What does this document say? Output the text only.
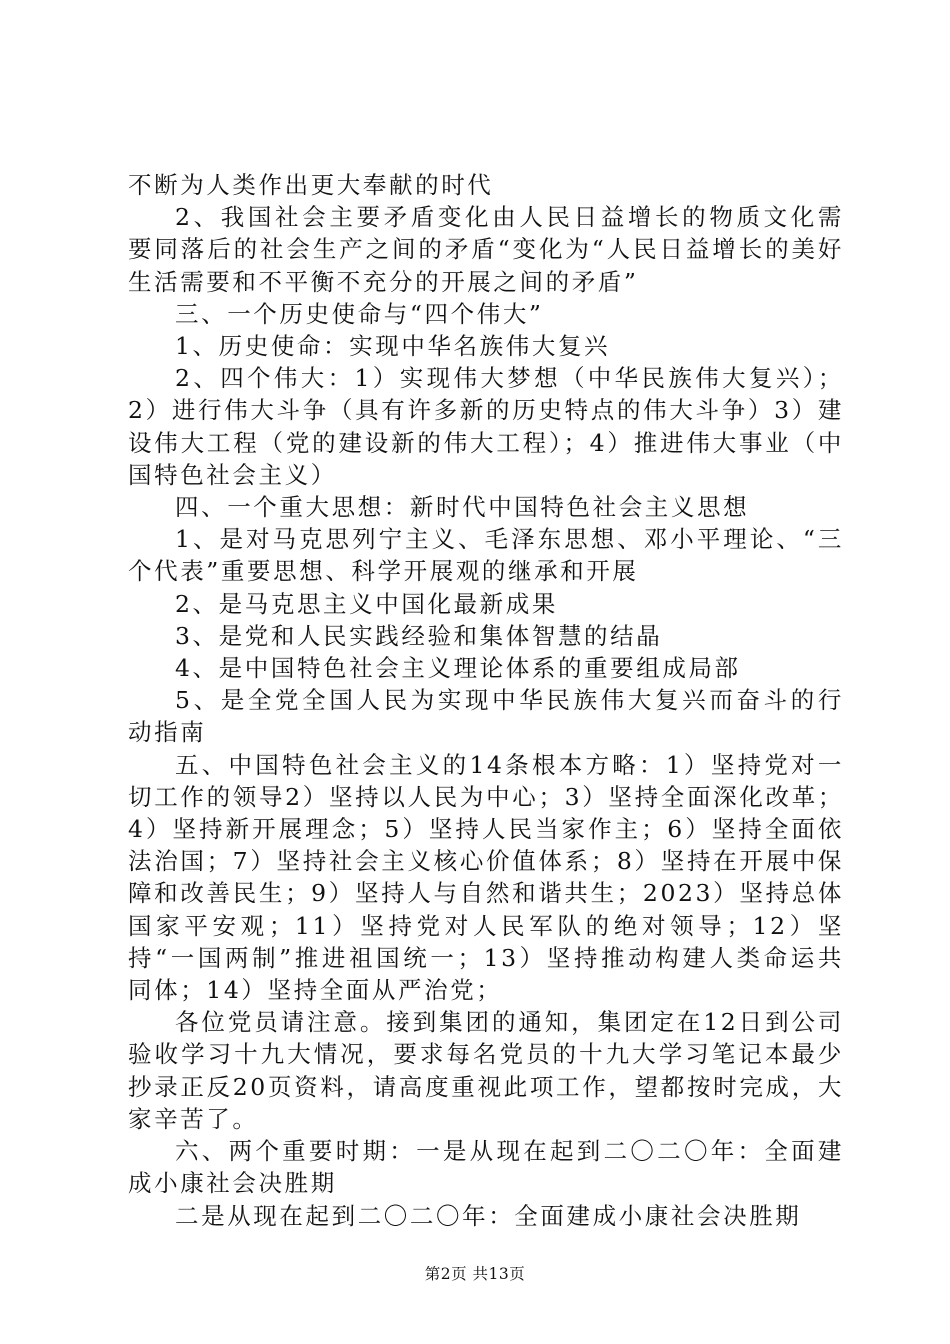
不断为人类作出更大奉献的时代

2、我国社会主要矛盾变化由人民日益增长的物质文化需要同落后的社会生产之间的矛盾“变化为“人民日益增长的美好生活需要和不平衡不充分的开展之间的矛盾”

三、一个历史使命与“四个伟大”

1、历史使命：实现中华名族伟大复兴

2、四个伟大：1）实现伟大梦想（中华民族伟大复兴）；2）进行伟大斗争（具有许多新的历史特点的伟大斗争）3）建设伟大工程（党的建设新的伟大工程）；4）推进伟大事业（中国特色社会主义）

四、一个重大思想：新时代中国特色社会主义思想

1、是对马克思列宁主义、毛泽东思想、邓小平理论、“三个代表”重要思想、科学开展观的继承和开展

2、是马克思主义中国化最新成果

3、是党和人民实践经验和集体智慧的结晶

4、是中国特色社会主义理论体系的重要组成局部

5、是全党全国人民为实现中华民族伟大复兴而奋斗的行动指南

五、中国特色社会主义的14条根本方略：1）坚持党对一切工作的领导2）坚持以人民为中心；3）坚持全面深化改革；4）坚持新开展理念；5）坚持人民当家作主；6）坚持全面依法治国；7）坚持社会主义核心价值体系；8）坚持在开展中保障和改善民生；9）坚持人与自然和谐共生；2023）坚持总体国家平安观；11）坚持党对人民军队的绝对领导；12）坚持“一国两制”推进祖国统一；13）坚持推动构建人类命运共同体；14）坚持全面从严治党；

各位党员请注意。接到集团的通知，集团定在12日到公司验收学习十九大情况，要求每名党员的十九大学习笔记本最少抄录正反20页资料，请高度重视此项工作，望都按时完成，大家辛苦了。

六、两个重要时期：一是从现在起到二〇二〇年：全面建成小康社会决胜期

二是从现在起到二〇二〇年：全面建成小康社会决胜期

第2页 共13页
